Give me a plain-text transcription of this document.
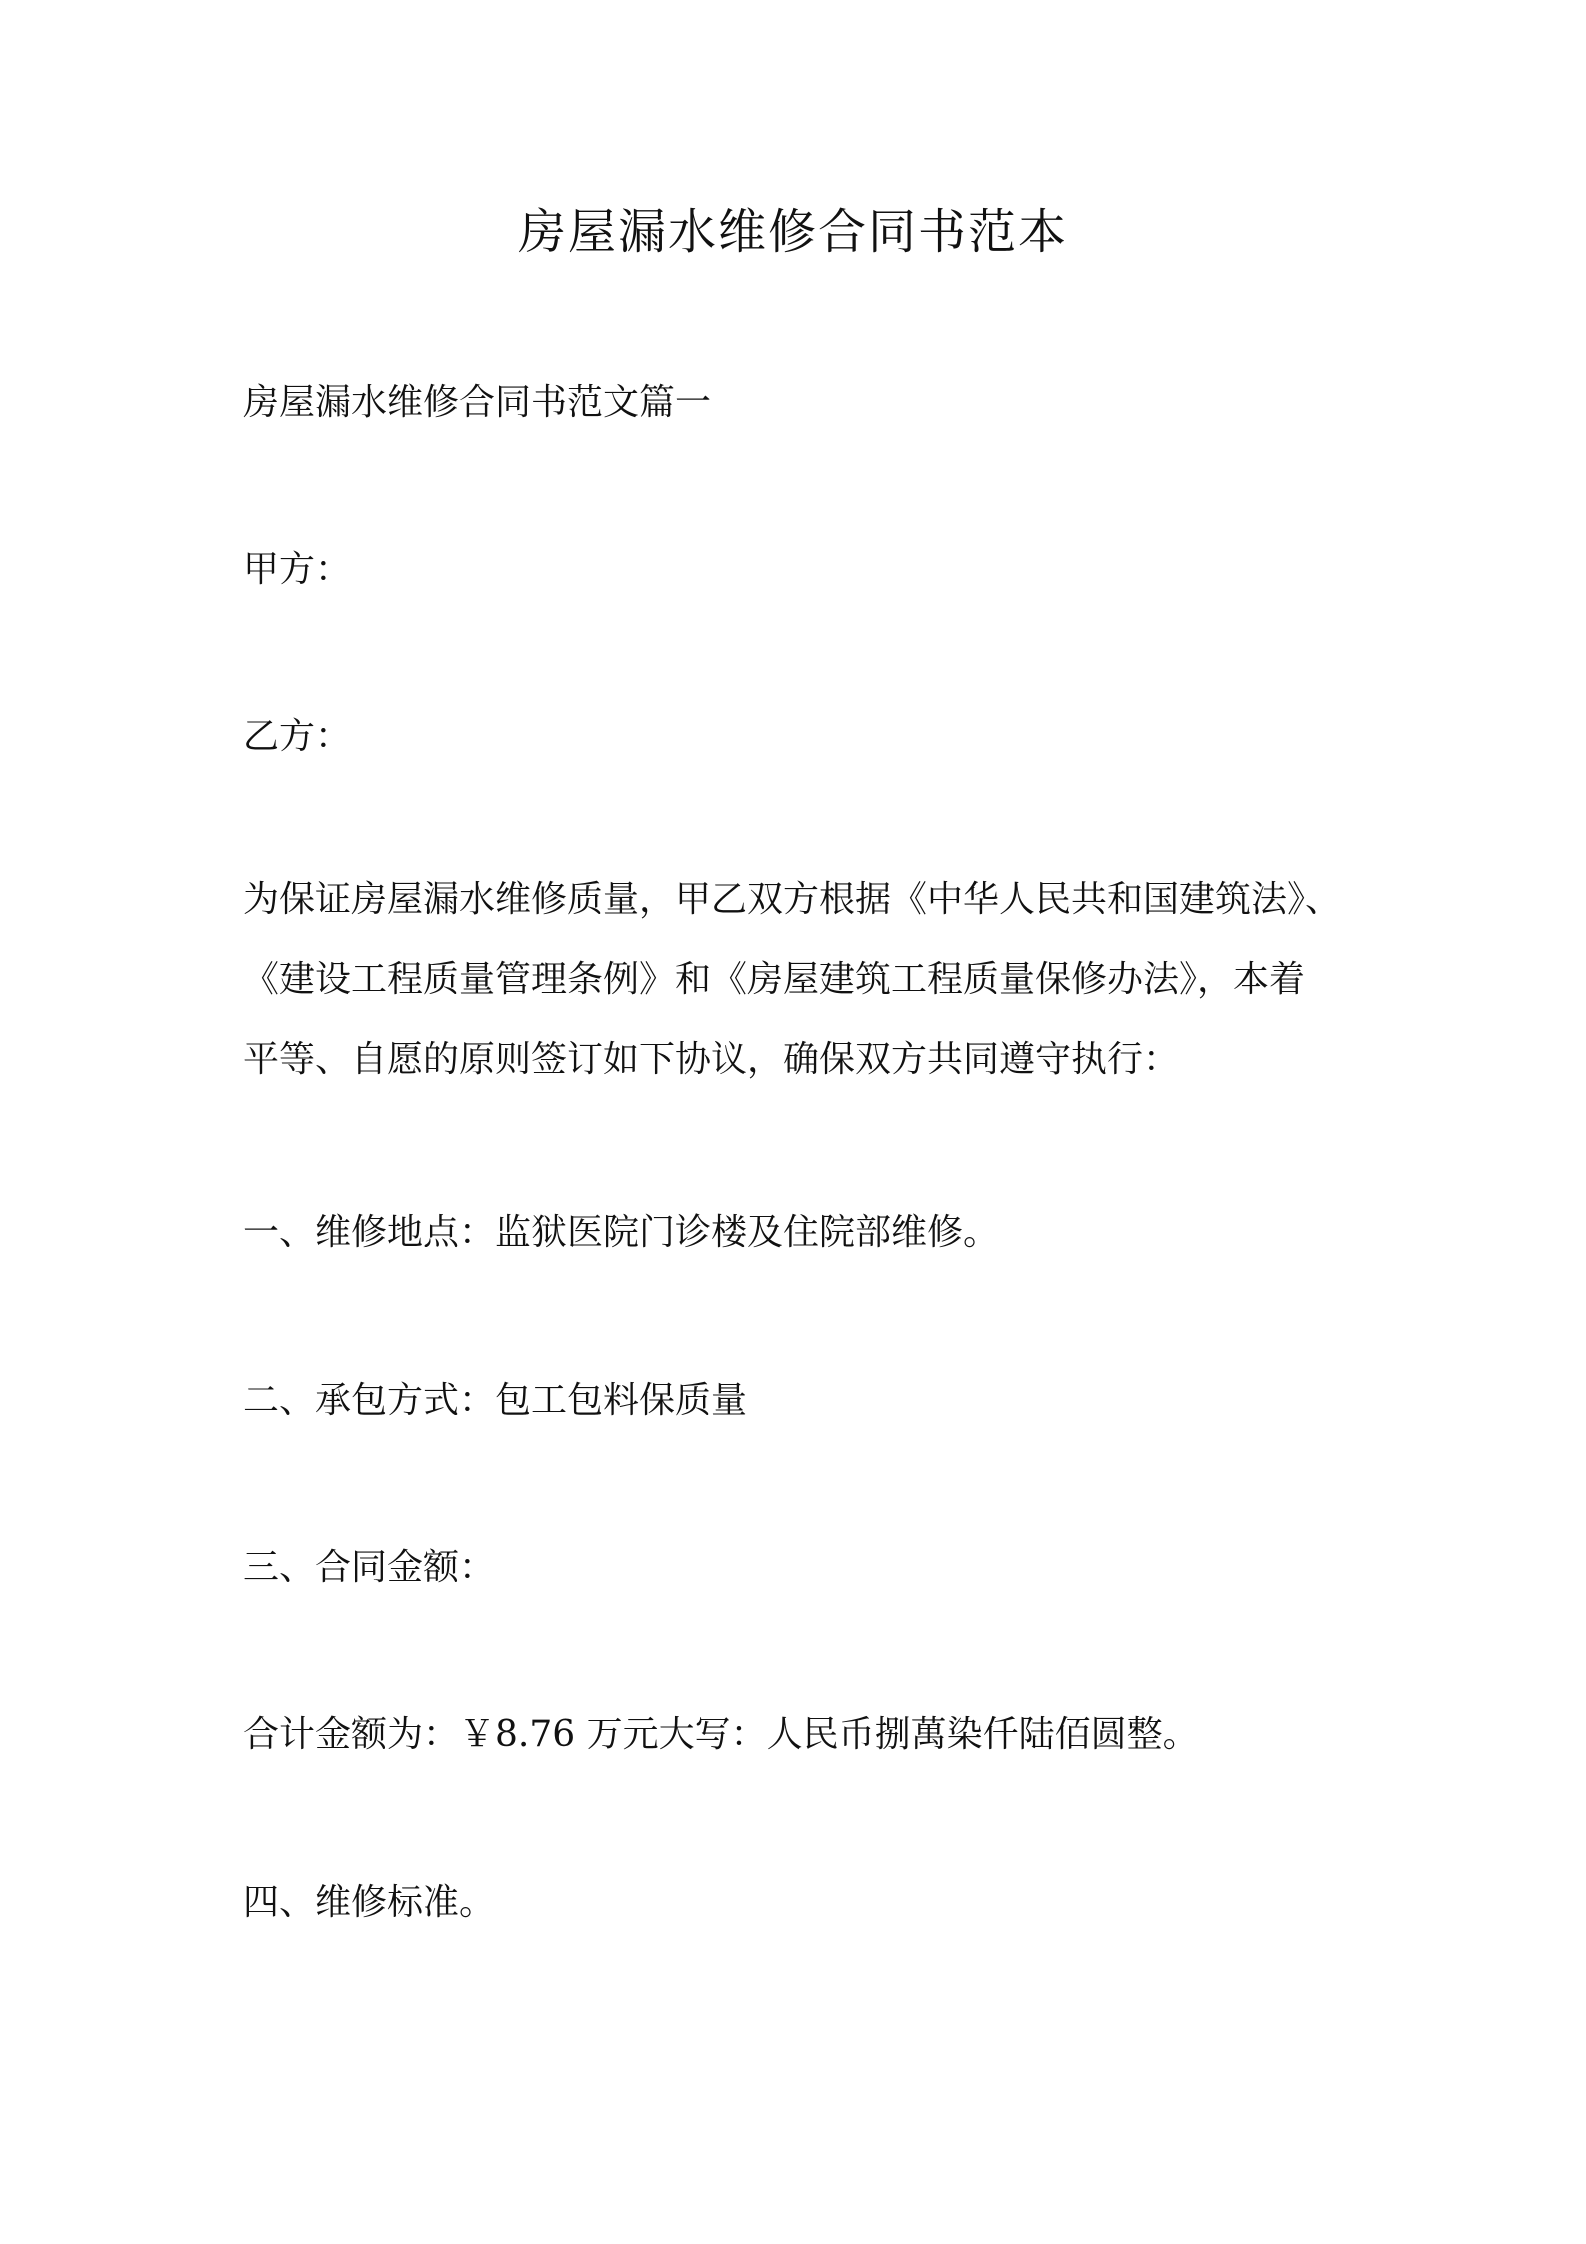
房屋漏水维修合同书范本

房屋漏水维修合同书范文篇一

甲方：

乙方：

为保证房屋漏水维修质量，甲乙双方根据《中华人民共和国建筑法》、
《建设工程质量管理条例》和《房屋建筑工程质量保修办法》，本着
平等、自愿的原则签订如下协议，确保双方共同遵守执行：

一、维修地点：监狱医院门诊楼及住院部维修。

二、承包方式：包工包料保质量

三、合同金额：

合计金额为：￥8.76 万元大写：人民币捌萬染仟陆佰圆整。

四、维修标准。
